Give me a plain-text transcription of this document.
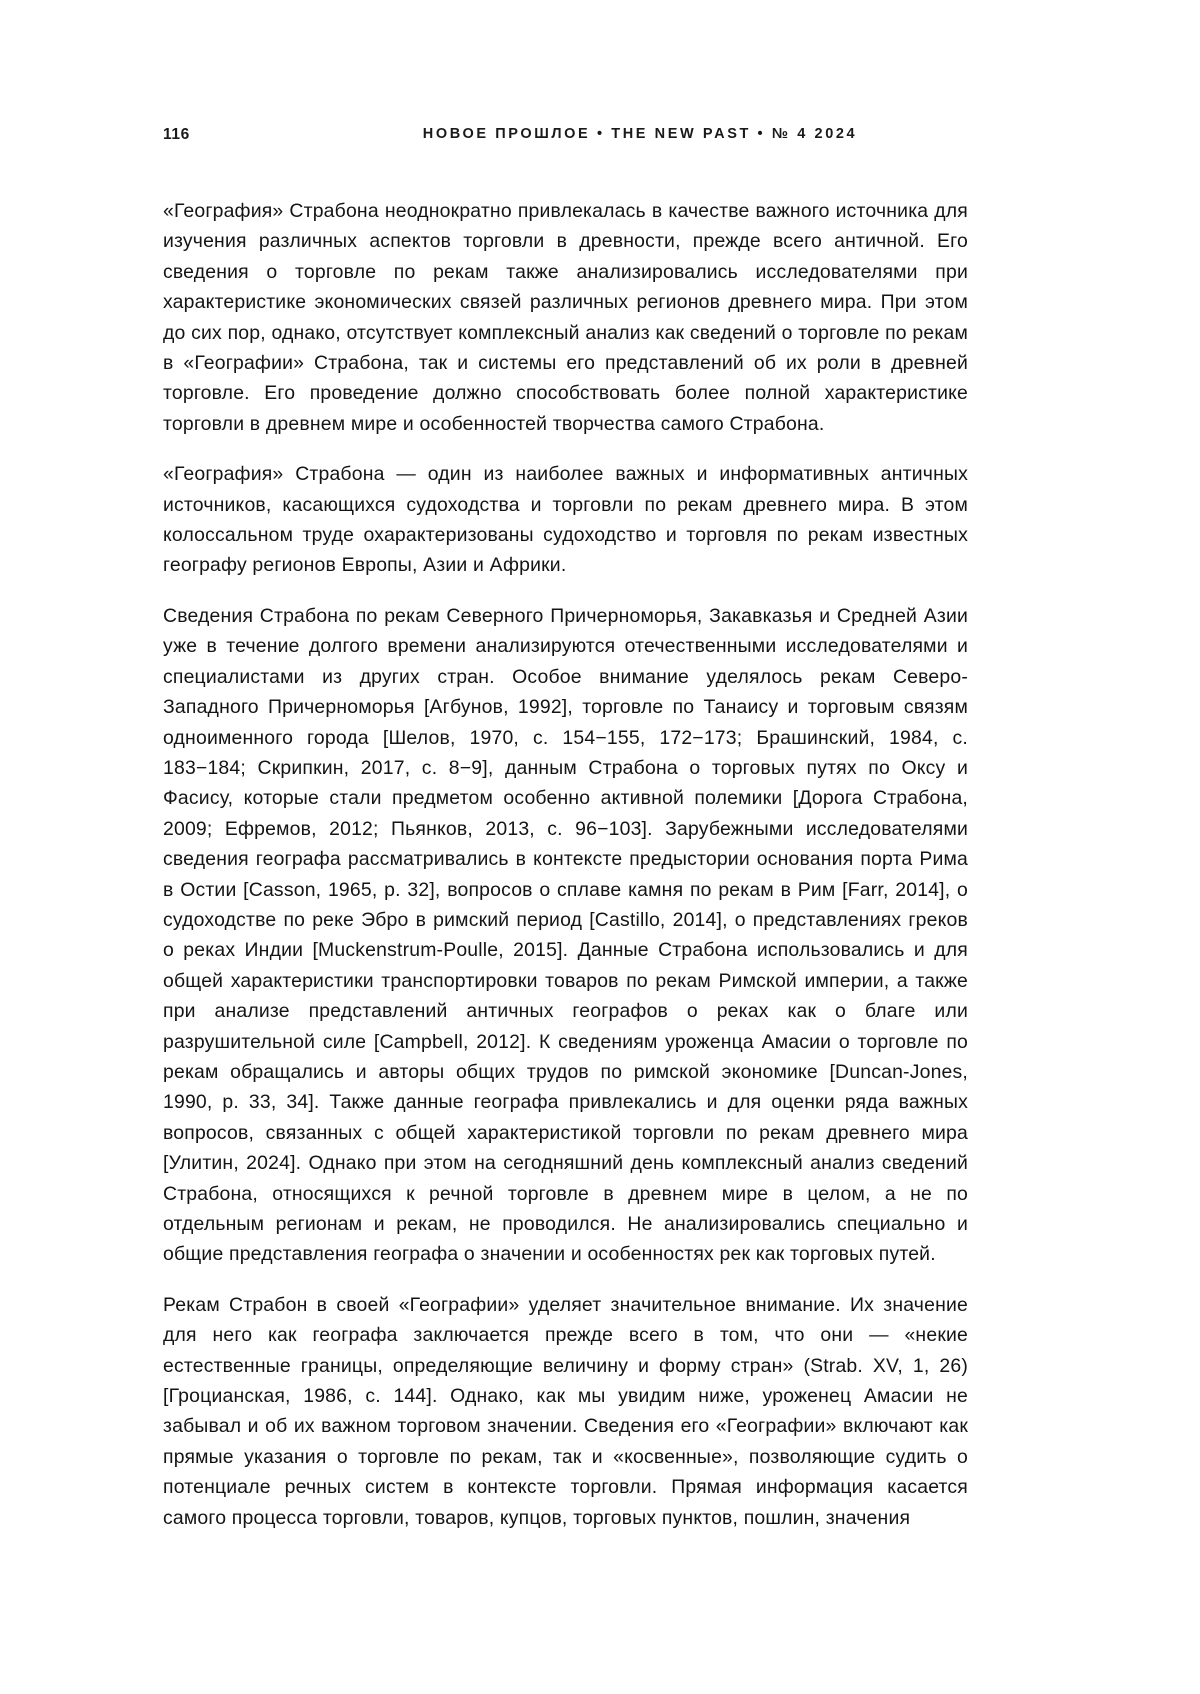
116	НОВОЕ ПРОШЛОЕ • THE NEW PAST • № 4 2024

«География» Страбона неоднократно привлекалась в качестве важного источника для изучения различных аспектов торговли в древности, прежде всего античной. Его сведения о торговле по рекам также анализировались исследователями при характеристике экономических связей различных регионов древнего мира. При этом до сих пор, однако, отсутствует комплексный анализ как сведений о торговле по рекам в «Географии» Страбона, так и системы его представлений об их роли в древней торговле. Его проведение должно способствовать более полной характеристике торговли в древнем мире и особенностей творчества самого Страбона.

«География» Страбона — один из наиболее важных и информативных античных источников, касающихся судоходства и торговли по рекам древнего мира. В этом колоссальном труде охарактеризованы судоходство и торговля по рекам известных географу регионов Европы, Азии и Африки.

Сведения Страбона по рекам Северного Причерноморья, Закавказья и Средней Азии уже в течение долгого времени анализируются отечественными исследователями и специалистами из других стран. Особое внимание уделялось рекам Северо-Западного Причерноморья [Агбунов, 1992], торговле по Танаису и торговым связям одноименного города [Шелов, 1970, с. 154−155, 172−173; Брашинский, 1984, с. 183−184; Скрипкин, 2017, с. 8−9], данным Страбона о торговых путях по Оксу и Фасису, которые стали предметом особенно активной полемики [Дорога Страбона, 2009; Ефремов, 2012; Пьянков, 2013, с. 96−103]. Зарубежными исследователями сведения географа рассматривались в контексте предыстории основания порта Рима в Остии [Casson, 1965, p. 32], вопросов о сплаве камня по рекам в Рим [Farr, 2014], о судоходстве по реке Эбро в римский период [Castillo, 2014], о представлениях греков о реках Индии [Muckenstrum-Poulle, 2015]. Данные Страбона использовались и для общей характеристики транспортировки товаров по рекам Римской империи, а также при анализе представлений античных географов о реках как о благе или разрушительной силе [Campbell, 2012]. К сведениям уроженца Амасии о торговле по рекам обращались и авторы общих трудов по римской экономике [Duncan-Jones, 1990, p. 33, 34]. Также данные географа привлекались и для оценки ряда важных вопросов, связанных с общей характеристикой торговли по рекам древнего мира [Улитин, 2024]. Однако при этом на сегодняшний день комплексный анализ сведений Страбона, относящихся к речной торговле в древнем мире в целом, а не по отдельным регионам и рекам, не проводился. Не анализировались специально и общие представления географа о значении и особенностях рек как торговых путей.

Рекам Страбон в своей «Географии» уделяет значительное внимание. Их значение для него как географа заключается прежде всего в том, что они — «некие естественные границы, определяющие величину и форму стран» (Strab. XV, 1, 26) [Гроцианская, 1986, с. 144]. Однако, как мы увидим ниже, уроженец Амасии не забывал и об их важном торговом значении. Сведения его «Географии» включают как прямые указания о торговле по рекам, так и «косвенные», позволяющие судить о потенциале речных систем в контексте торговли. Прямая информация касается самого процесса торговли, товаров, купцов, торговых пунктов, пошлин, значения
